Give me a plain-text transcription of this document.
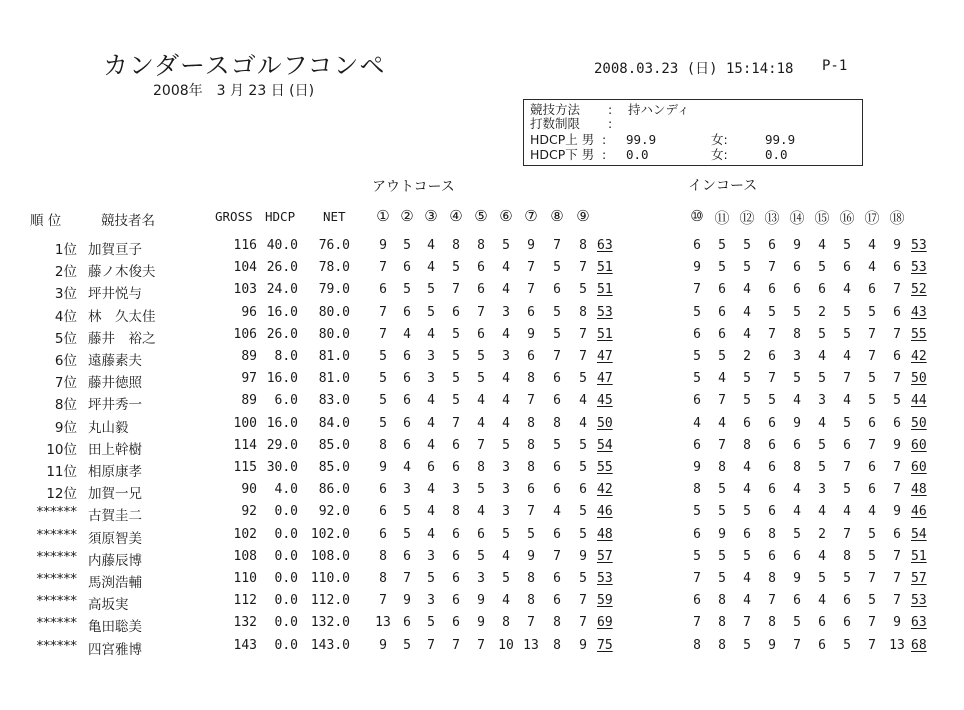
カンダースゴルフコンペ
2008年　3 月 23 日 (日)
2008.03.23 (日) 15:14:18 P-1
競技方法 : 持ハンディ
打数制限 :
HDCP上 男 : 99.9	女:	99.9
HDCP下 男 : 0.0	女:	0.0
アウトコース	インコース
順 位	競技者名	GROSS HDCP NET	① ② ③ ④ ⑤ ⑥ ⑦ ⑧ ⑨	⑩ ⑪ ⑫ ⑬ ⑭ ⑮ ⑯ ⑰ ⑱
1位 加賀亘子	116 40.0	76.0	9	5	4	8	8	5	9	7	8 63	6	5	5	6	9	4	5	4	9 53
2位 藤ノ木俊夫	104 26.0	78.0	7	6	4	5	6	4	7	5	7 51	9	5	5	7	6	5	6	4	6 53
3位 坪井悦与	103 24.0	79.0	6	5	5	7	6	4	7	6	5 51	7	6	4	6	6	6	4	6	7 52
4位 林　久太佳	96 16.0	80.0	7	6	5	6	7	3	6	5	8 53	5	6	4	5	5	2	5	5	6 43
5位 藤井　裕之	106 26.0	80.0	7	4	4	5	6	4	9	5	7 51	6	6	4	7	8	5	5	7	7 55
6位 遠藤素夫	89	8.0	81.0	5	6	3	5	5	3	6	7	7 47	5	5	2	6	3	4	4	7	6 42
7位 藤井徳照	97 16.0	81.0	5	6	3	5	5	4	8	6	5 47	5	4	5	7	5	5	7	5	7 50
8位 坪井秀一	89	6.0	83.0	5	6	4	5	4	4	7	6	4 45	6	7	5	5	4	3	4	5	5 44
9位 丸山毅	100 16.0	84.0	5	6	4	7	4	4	8	8	4 50	4	4	6	6	9	4	5	6	6 50
10位 田上幹樹	114 29.0	85.0	8	6	4	6	7	5	8	5	5 54	6	7	8	6	6	5	6	7	9 60
11位 相原康孝	115 30.0	85.0	9	4	6	6	8	3	8	6	5 55	9	8	4	6	8	5	7	6	7 60
12位 加賀一兄	90	4.0	86.0	6	3	4	3	5	3	6	6	6 42	8	5	4	6	4	3	5	6	7 48
****** 古賀圭二	92	0.0	92.0	6	5	4	8	4	3	7	4	5 46	5	5	5	6	4	4	4	4	9 46
****** 須原智美	102	0.0 102.0	6	5	4	6	6	5	5	6	5 48	6	9	6	8	5	2	7	5	6 54
****** 内藤辰博	108	0.0 108.0	8	6	3	6	5	4	9	7	9 57	5	5	5	6	6	4	8	5	7 51
****** 馬渕浩輔	110	0.0 110.0	8	7	5	6	3	5	8	6	5 53	7	5	4	8	9	5	5	7	7 57
****** 高坂実	112	0.0 112.0	7	9	3	6	9	4	8	6	7 59	6	8	4	7	6	4	6	5	7 53
****** 亀田聡美	132	0.0 132.0	13 6	5	6	9	8	7	8	7 69	7	8	7	8	5	6	6	7	9 63
****** 四宮雅博	143	0.0 143.0	9	5	7	7	7	10 13	8	9 75	8	8	5	9	7	6	5	7	13 68
